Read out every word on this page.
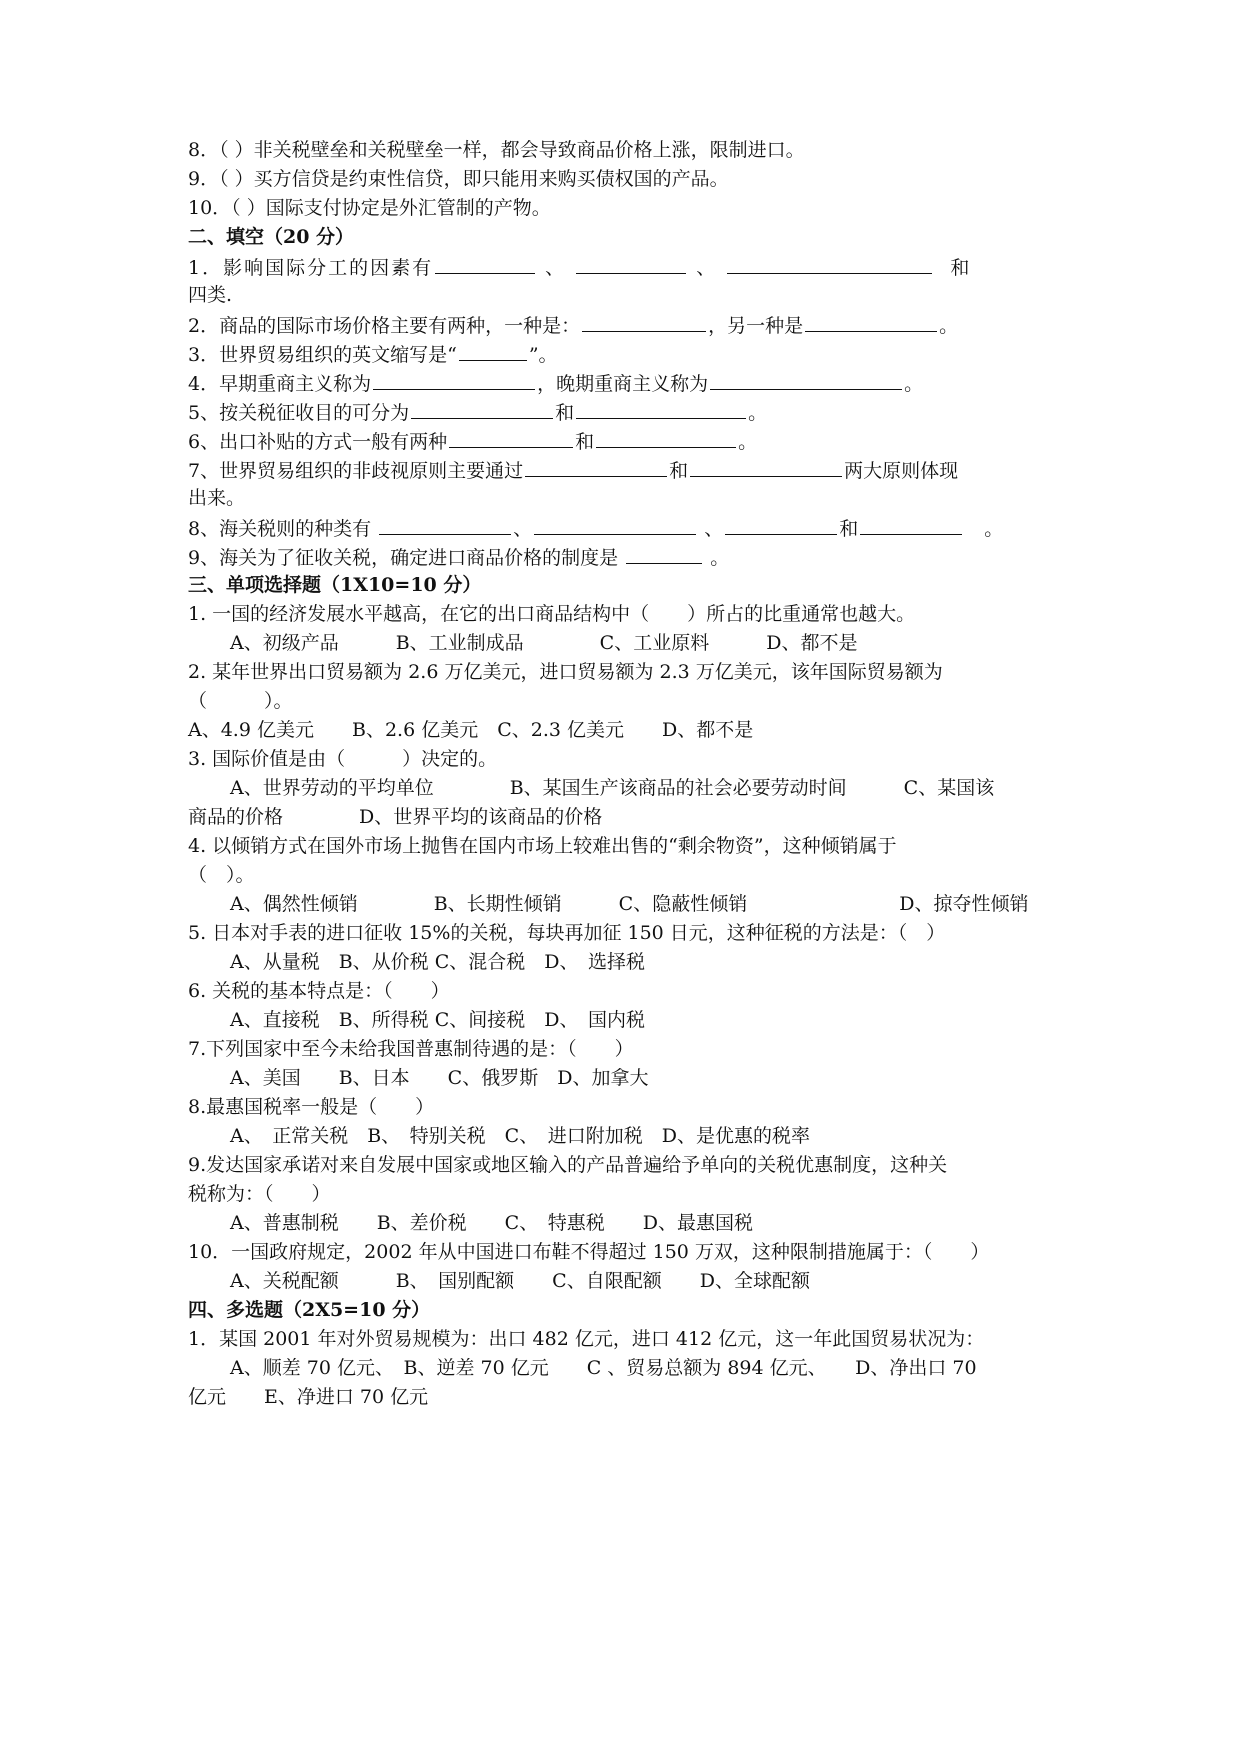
8．（ ）非关税壁垒和关税壁垒一样，都会导致商品价格上涨，限制进口。
9．（ ）买方信贷是约束性信贷，即只能用来购买债权国的产品。
10．（ ）国际支付协定是外汇管制的产物。
二、填空（20 分）
1．影响国际分工的因素有	、	、	和
四类.
2．商品的国际市场价格主要有两种，一种是：	，另一种是	。
3．世界贸易组织的英文缩写是“	”。
4．早期重商主义称为	，晚期重商主义称为	。
5、按关税征收目的可分为	和	。
6、出口补贴的方式一般有两种	和	。
7、世界贸易组织的非歧视原则主要通过	和	两大原则体现
出来。
8、海关税则的种类有	、	、	和	。
9、海关为了征收关税，确定进口商品价格的制度是	。
三、单项选择题（1X10=10 分）
1. 一国的经济发展水平越高，在它的出口商品结构中（　　）所占的比重通常也越大。
A、初级产品　　　B、工业制成品　　　　C、工业原料　　　D、都不是
2. 某年世界出口贸易额为 2.6 万亿美元，进口贸易额为 2.3 万亿美元，该年国际贸易额为
（　　　）。
A、4.9 亿美元　　B、2.6 亿美元　C、2.3 亿美元　　D、都不是
3. 国际价值是由（　　　）决定的。
A、世界劳动的平均单位　　　　B、某国生产该商品的社会必要劳动时间　　　C、某国该
商品的价格　　　　D、世界平均的该商品的价格
4. 以倾销方式在国外市场上抛售在国内市场上较难出售的“剩余物资”，这种倾销属于
（　）。
A、偶然性倾销　　　　B、长期性倾销　　　C、隐蔽性倾销　　　　　　　　D、掠夺性倾销
5. 日本对手表的进口征收 15%的关税，每块再加征 150 日元，这种征税的方法是：（　）
A、从量税　B、从价税 C、混合税　D、　选择税
6. 关税的基本特点是：（　　）
A、直接税　B、所得税 C、间接税　D、　国内税
7.下列国家中至今未给我国普惠制待遇的是：（　　）
A、美国　　B、日本　　C、俄罗斯　D、加拿大
8.最惠国税率一般是（　　）
A、　正常关税　B、　特别关税　C、　进口附加税　D、是优惠的税率
9.发达国家承诺对来自发展中国家或地区输入的产品普遍给予单向的关税优惠制度，这种关
税称为：（　　）
A、普惠制税　　B、差价税　　C、　特惠税　　D、最惠国税
10．一国政府规定，2002 年从中国进口布鞋不得超过 150 万双，这种限制措施属于：（　　）
A、关税配额　　　B、　国别配额　　C、自限配额　　D、全球配额
四、多选题（2X5=10 分）
1．某国 2001 年对外贸易规模为：出口 482 亿元，进口 412 亿元，这一年此国贸易状况为：
A、顺差 70 亿元、　B、逆差 70 亿元　　C 、贸易总额为 894 亿元、　　D、净出口 70
亿元　　E、净进口 70 亿元
